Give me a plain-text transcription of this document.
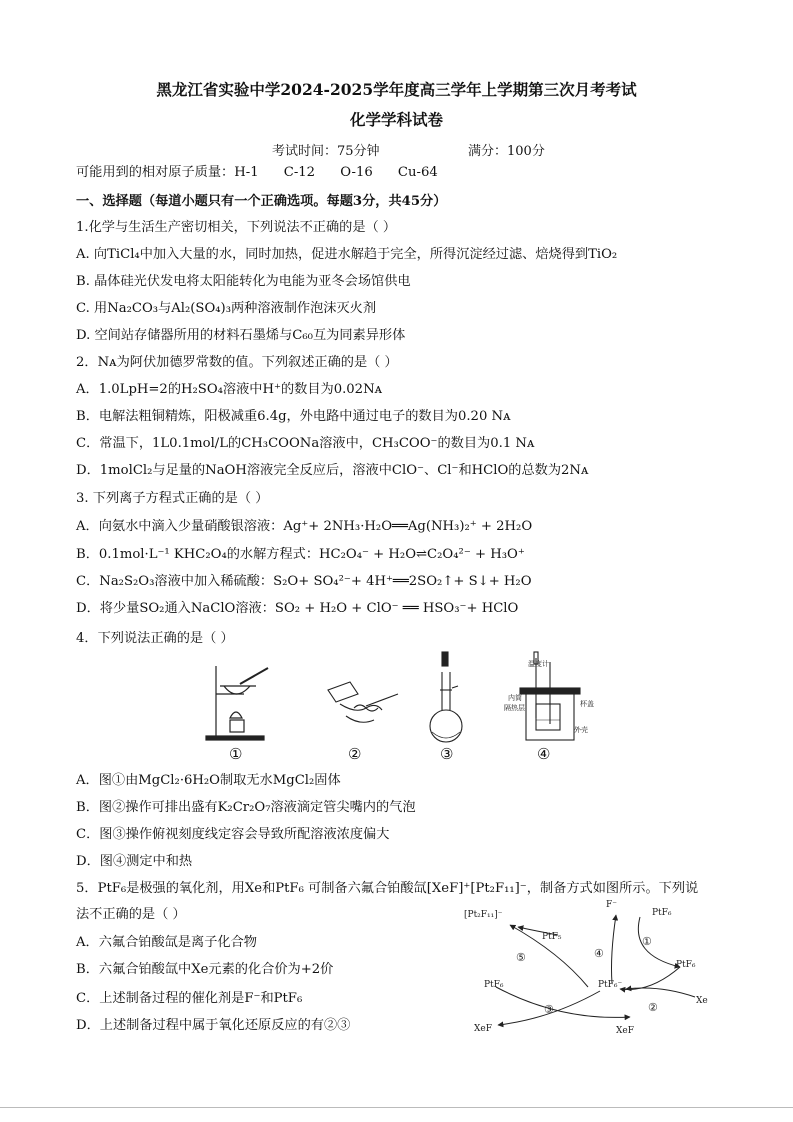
黑龙江省实验中学2024-2025学年度高三学年上学期第三次月考考试
化学学科试卷
考试时间：75分钟	满分：100分
可能用到的相对原子质量：H-1      C-12      O-16      Cu-64
一、选择题（每道小题只有一个正确选项。每题3分，共45分）
1.化学与生活生产密切相关，下列说法不正确的是（ ）
A. 向TiCl₄中加入大量的水，同时加热，促进水解趋于完全，所得沉淀经过滤、焙烧得到TiO₂
B. 晶体硅光伏发电将太阳能转化为电能为亚冬会场馆供电
C. 用Na₂CO₃与Al₂(SO₄)₃两种溶液制作泡沫灭火剂
D. 空间站存储器所用的材料石墨烯与C₆₀互为同素异形体
2．Nᴀ为阿伏加德罗常数的值。下列叙述正确的是（ ）
A．1.0LpH=2的H₂SO₄溶液中H⁺的数目为0.02Nᴀ
B．电解法粗铜精炼，阳极减重6.4g，外电路中通过电子的数目为0.20 Nᴀ
C．常温下，1L0.1mol/L的CH₃COONa溶液中，CH₃COO⁻的数目为0.1 Nᴀ
D．1molCl₂与足量的NaOH溶液完全反应后，溶液中ClO⁻、Cl⁻和HClO的总数为2Nᴀ
3. 下列离子方程式正确的是（ ）
A．向氨水中滴入少量硝酸银溶液：Ag⁺+ 2NH₃·H₂O══Ag(NH₃)₂⁺ + 2H₂O
B．0.1mol·L⁻¹ KHC₂O₄的水解方程式：HC₂O₄⁻ + H₂O⇌C₂O₄²⁻ + H₃O⁺
C．Na₂S₂O₃溶液中加入稀硫酸：S₂O+ SO₄²⁻+ 4H⁺══2SO₂↑+ S↓+ H₂O
D．将少量SO₂通入NaClO溶液：SO₂ + H₂O + ClO⁻ ══ HSO₃⁻+ HClO
4．下列说法正确的是（ ）
温度计
内筒
隔热层	杯盖
外壳
①	②	③	④
A．图①由MgCl₂·6H₂O制取无水MgCl₂固体
B．图②操作可排出盛有K₂Cr₂O₇溶液滴定管尖嘴内的气泡
C．图③操作俯视刻度线定容会导致所配溶液浓度偏大
D．图④测定中和热
5．PtF₆是极强的氧化剂，用Xe和PtF₆ 可制备六氟合铂酸氙[XeF]⁺[Pt₂F₁₁]⁻，制备方式如图所示。下列说
法不正确的是（ ）
A．六氟合铂酸氙是离子化合物
B．六氟合铂酸氙中Xe元素的化合价为+2价
C．上述制备过程的催化剂是F⁻和PtF₆
D．上述制备过程中属于氧化还原反应的有②③
[Pt₂F₁₁]⁻
F⁻
PtF₆
PtF₅
PtF₆
PtF₆	PtF₆⁻
Xe
XeF	XeF
①
②
③
④
⑤
